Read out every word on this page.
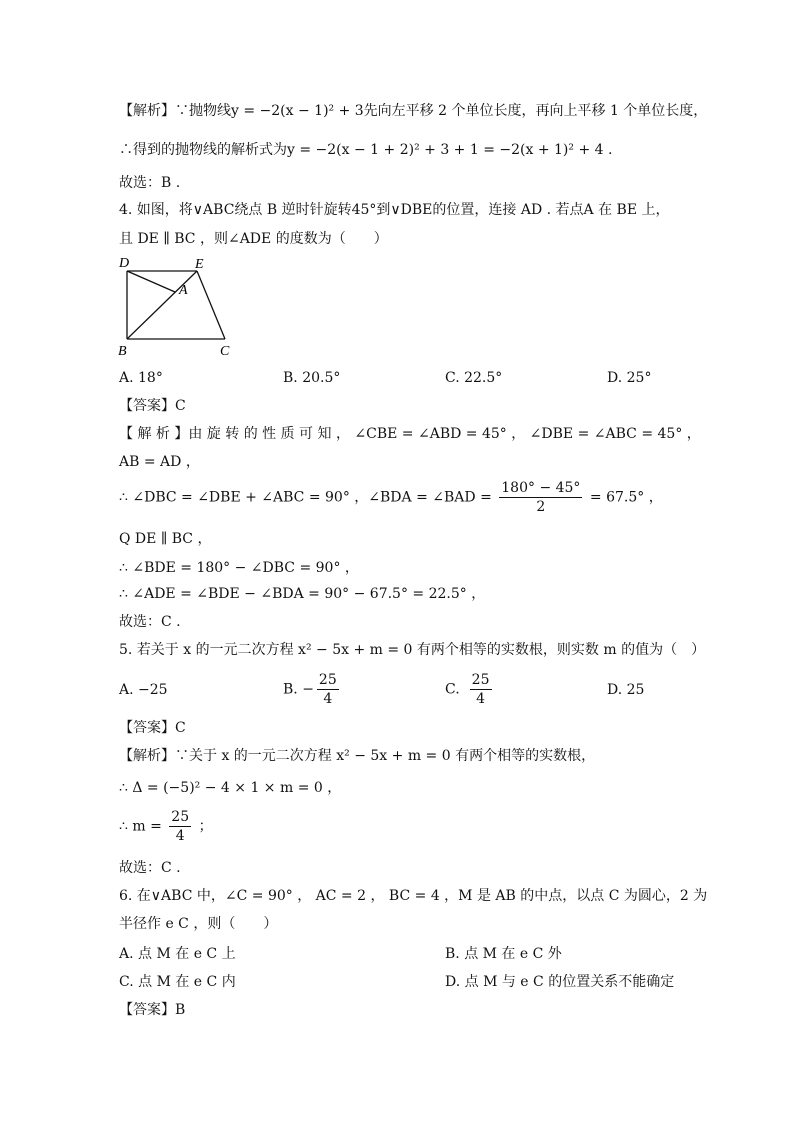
【解析】∵抛物线y = −2(x − 1)² + 3先向左平移 2 个单位长度，再向上平移 1 个单位长度，
∴得到的抛物线的解析式为y = −2(x − 1 + 2)² + 3 + 1 = −2(x + 1)² + 4 .
故选：B .
4. 如图，将∨ABC绕点 B 逆时针旋转45°到∨DBE的位置，连接 AD . 若点A 在 BE 上，
且 DE ∥ BC ，则∠ADE 的度数为（　　）
D	E
A
B	C
A. 18°	B. 20.5°	C. 22.5°	D. 25°
【答案】C
【 解 析 】由 旋 转 的 性 质 可 知 ， ∠CBE = ∠ABD = 45° ， ∠DBE = ∠ABC = 45° ，
AB = AD ，
∴ ∠DBC = ∠DBE + ∠ABC = 90° ，∠BDA = ∠BAD = $\frac{180^\circ - 45^\circ}{2} = 67.5^\circ$ ，
Q DE ∥ BC ，
∴ ∠BDE = 180° − ∠DBC = 90° ，
∴ ∠ADE = ∠BDE − ∠BDA = 90° − 67.5° = 22.5° ，
故选：C .
5. 若关于 x 的一元二次方程 x² − 5x + m = 0 有两个相等的实数根，则实数 m 的值为（　）
A. −25	B. − $\frac{25}{4}$	C. $\frac{25}{4}$	D. 25
【答案】C
【解析】∵关于 x 的一元二次方程 x² − 5x + m = 0 有两个相等的实数根，
∴ Δ = (−5)² − 4 × 1 × m = 0 ，
∴ $m = \frac{25}{4}$ ；
故选：C .
6. 在∨ABC 中，∠C = 90° ， AC = 2 ， BC = 4 ，M 是 AB 的中点，以点 C 为圆心，2 为
半径作 e C ，则（　　）
A. 点 M 在 e C 上	B. 点 M 在 e C 外
C. 点 M 在 e C 内	D. 点 M 与 e C 的位置关系不能确定
【答案】B
